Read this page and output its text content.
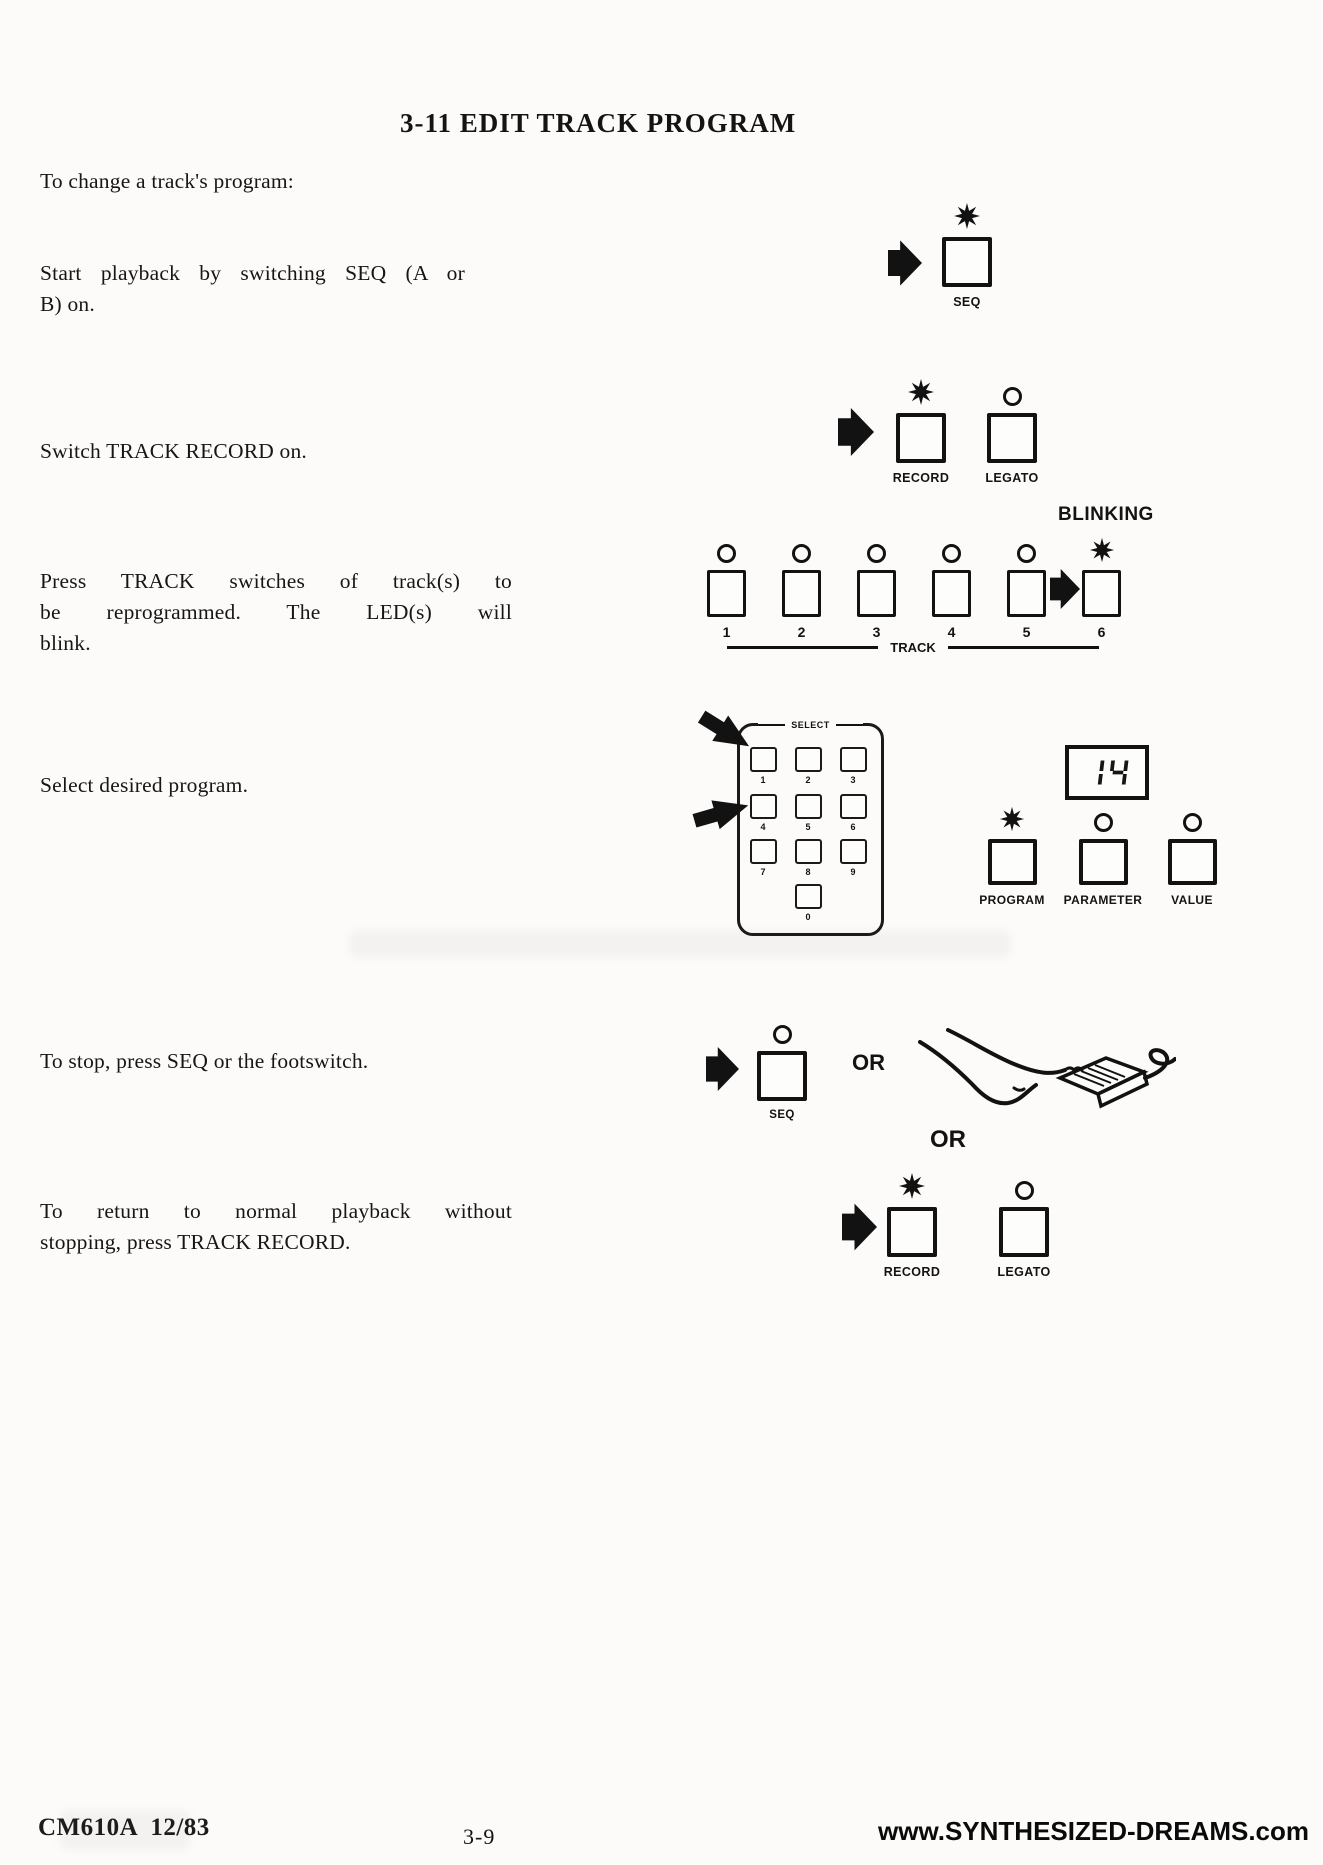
3-11 EDIT TRACK PROGRAM
To change a track's program:
Start playback by switching SEQ (A or
B) on.	SEQ
Switch TRACK RECORD on.
RECORD	LEGATO
Press TRACK switches of track(s) to
be reprogrammed. The LED(s) will
blink.
BLINKING
1	2	3	4	5	6
TRACK
Select desired program.
SELECT
1	2	3
4	5	6
7	8	9
0
PROGRAM PARAMETER VALUE
To stop, press SEQ or the footswitch.
SEQ
OR
OR
To return to normal playback without
stopping, press TRACK RECORD.
RECORD	LEGATO
CM610A  12/83	3-9	www.SYNTHESIZED-DREAMS.com
